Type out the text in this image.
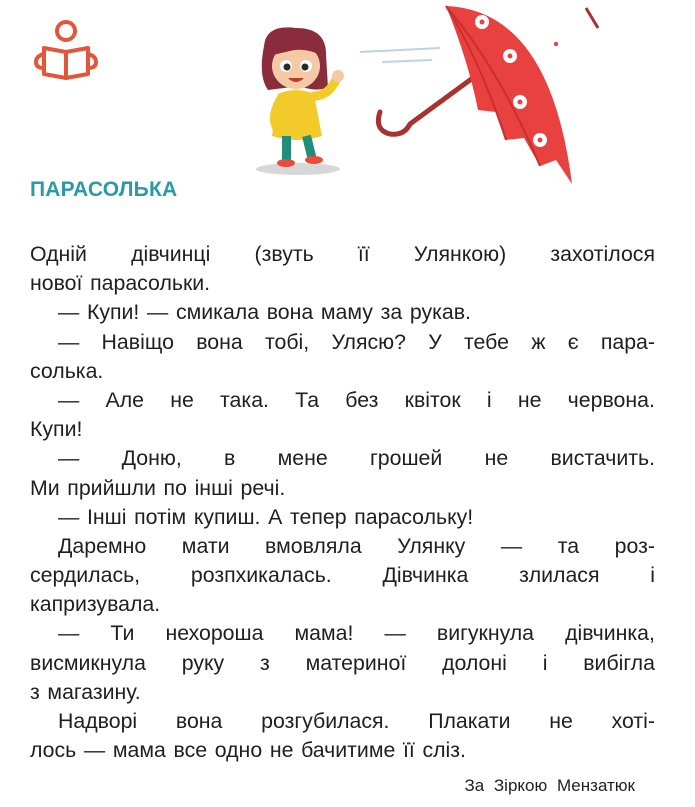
ПАРАСОЛЬКА
Одній дівчинці (звуть її Улянкою) захотілося
нової парасольки.
— Купи! — смикала вона маму за рукав.
— Навіщо вона тобі, Улясю? У тебе ж є пара-
солька.
— Але не така. Та без квіток і не червона.
Купи!
— Доню, в мене грошей не вистачить.
Ми прийшли по інші речі.
— Інші потім купиш. А тепер парасольку!
Даремно мати вмовляла Улянку — та роз-
сердилась, розпхикалась. Дівчинка злилася і
капризувала.
— Ти нехороша мама! — вигукнула дівчинка,
висмикнула руку з материної долоні і вибігла
з магазину.
Надворі вона розгубилася. Плакати не хоті-
лось — мама все одно не бачитиме її сліз.
За Зіркою Мензатюк
